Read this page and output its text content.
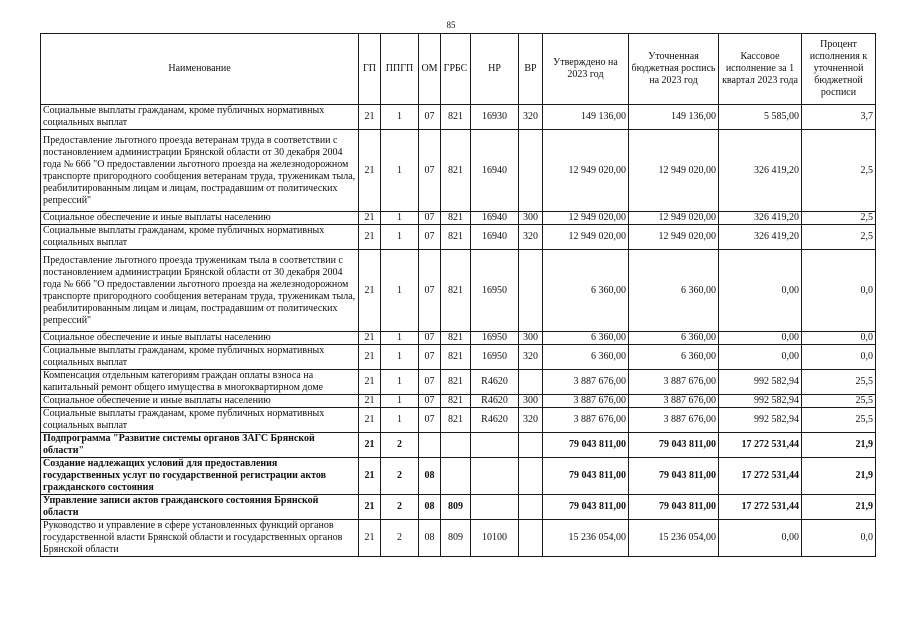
85
Наименование	ГП	ППГП	ОМ	ГРБС	НР	ВР	Утверждено на 2023 год	Уточненная бюджетная роспись на 2023 год	Кассовое исполнение за 1 квартал 2023 года	Процент исполнения к уточненной бюджетной росписи
Социальные выплаты гражданам, кроме публичных нормативных социальных выплат	21	1	07	821	16930	320	149 136,00	149 136,00	5 585,00	3,7
Предоставление льготного проезда ветеранам труда в соответствии с постановлением администрации Брянской области от 30 декабря 2004 года № 666 "О предоставлении льготного проезда на железнодорожном транспорте пригородного сообщения ветеранам труда, труженикам тыла, реабилитированным лицам и лицам, пострадавшим от политических репрессий"	21	1	07	821	16940		12 949 020,00	12 949 020,00	326 419,20	2,5
Социальное обеспечение и иные выплаты населению	21	1	07	821	16940	300	12 949 020,00	12 949 020,00	326 419,20	2,5
Социальные выплаты гражданам, кроме публичных нормативных социальных выплат	21	1	07	821	16940	320	12 949 020,00	12 949 020,00	326 419,20	2,5
Предоставление льготного проезда труженикам тыла в соответствии с постановлением администрации Брянской области от 30 декабря 2004 года № 666 "О предоставлении льготного проезда на железнодорожном транспорте пригородного сообщения ветеранам труда, труженикам тыла, реабилитированным лицам и лицам, пострадавшим от политических репрессий"	21	1	07	821	16950		6 360,00	6 360,00	0,00	0,0
Социальное обеспечение и иные выплаты населению	21	1	07	821	16950	300	6 360,00	6 360,00	0,00	0,0
Социальные выплаты гражданам, кроме публичных нормативных социальных выплат	21	1	07	821	16950	320	6 360,00	6 360,00	0,00	0,0
Компенсация отдельным категориям граждан оплаты взноса на капитальный ремонт общего имущества в многоквартирном доме	21	1	07	821	R4620		3 887 676,00	3 887 676,00	992 582,94	25,5
Социальное обеспечение и иные выплаты населению	21	1	07	821	R4620	300	3 887 676,00	3 887 676,00	992 582,94	25,5
Социальные выплаты гражданам, кроме публичных нормативных социальных выплат	21	1	07	821	R4620	320	3 887 676,00	3 887 676,00	992 582,94	25,5
Подпрограмма "Развитие системы органов ЗАГС Брянской области"	21	2					79 043 811,00	79 043 811,00	17 272 531,44	21,9
Создание надлежащих условий для предоставления государственных услуг по государственной регистрации актов гражданского состояния	21	2	08				79 043 811,00	79 043 811,00	17 272 531,44	21,9
Управление записи актов гражданского состояния Брянской области	21	2	08	809			79 043 811,00	79 043 811,00	17 272 531,44	21,9
Руководство и управление в сфере установленных функций органов государственной власти Брянской области и государственных органов Брянской области	21	2	08	809	10100		15 236 054,00	15 236 054,00	0,00	0,0
